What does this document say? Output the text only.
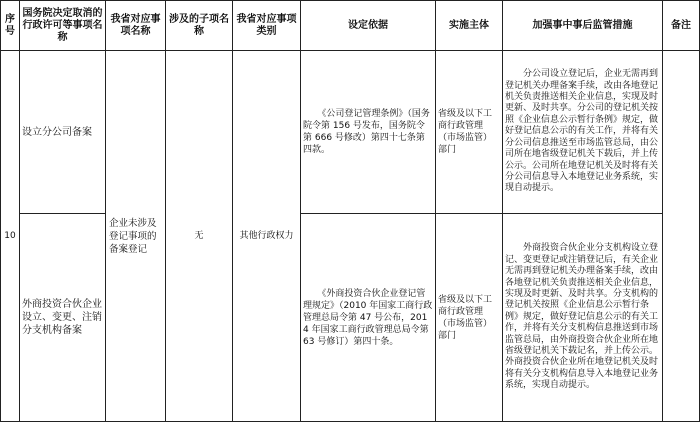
序号	国务院决定取消的行政许可等事项名称	我省对应事项名称	涉及的子项名称	我省对应事项类别	设定依据	实施主体	加强事中事后监管措施	备注
10	设立分公司备案	企业未涉及登记事项的备案登记	无	其他行政权力	《公司登记管理条例》（国务院令第 156 号发布，国务院令第 666 号修改）第四十七条第四款。	省级及以下工商行政管理（市场监管）部门	分公司设立登记后，企业无需再到登记机关办理备案手续，改由各地登记机关负责推送相关企业信息，实现及时更新、及时共享。分公司的登记机关按照《企业信息公示暂行条例》规定，做好登记信息公示的有关工作，并将有关分公司信息推送至市场监管总局，由公司所在地省级登记机关下载后，并上传公示。公司所在地登记机关及时将有关分公司信息导入本地登记业务系统，实现自动提示。	
	外商投资合伙企业设立、变更、注销分支机构备案				《外商投资合伙企业登记管理规定》（2010 年国家工商行政管理总局令第 47 号公布，2014 年国家工商行政管理总局令第 63 号修订）第四十条。	省级及以下工商行政管理（市场监管）部门	外商投资合伙企业分支机构设立登记、变更登记或注销登记后，有关企业无需再到登记机关办理备案手续，改由各地登记机关负责推送相关企业信息，实现及时更新、及时共享。分支机构的登记机关按照《企业信息公示暂行条例》规定，做好登记信息公示的有关工作，并将有关分支机构信息推送到市场监管总局，由外商投资合伙企业所在地省级登记机关下载记名，并上传公示。外商投资合伙企业所在地登记机关及时将有关分支机构信息导入本地登记业务系统，实现自动提示。	
